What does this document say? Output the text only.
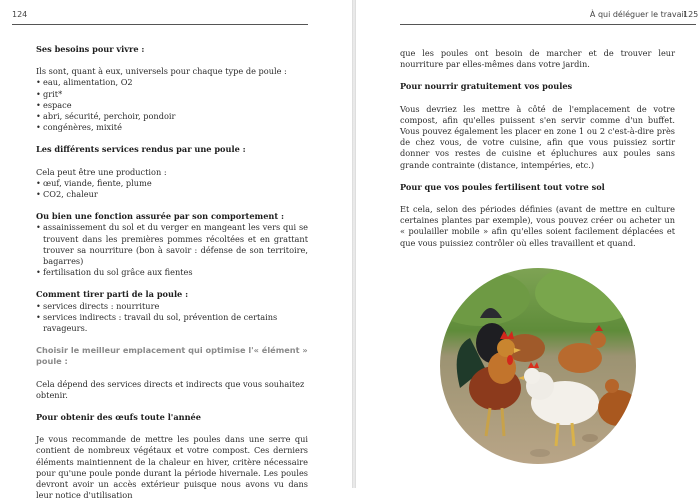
124

Ses besoins pour vivre :

Ils sont, quant à eux, universels pour chaque type de poule :

• eau, alimentation, O2
• grit*
• espace
• abri, sécurité, perchoir, pondoir
• congénères, mixité

Les différents services rendus par une poule :

Cela peut être une production :

• œuf, viande, fiente, plume
• CO2, chaleur

Ou bien une fonction assurée par son comportement :

• assainissement du sol et du verger en mangeant les vers qui se trouvent dans les premières pommes récoltées et en grattant trouver sa nourriture (bon à savoir : défense de son territoire, bagarres)
• fertilisation du sol grâce aux fientes

Comment tirer parti de la poule :

• services directs : nourriture
• services indirects : travail du sol, prévention de certains ravageurs.

Choisir le meilleur emplacement qui optimise l'« élément » poule :

Cela dépend des services directs et indirects que vous souhaitez obtenir.

Pour obtenir des œufs toute l'année

Je vous recommande de mettre les poules dans une serre qui contient de nombreux végétaux et votre compost. Ces derniers éléments maintiennent de la chaleur en hiver, critère nécessaire pour qu'une poule ponde durant la période hivernale. Les poules devront avoir un accès extérieur puisque nous avons vu dans leur notice d'utilisation

À qui déléguer le travail
125

que les poules ont besoin de marcher et de trouver leur nourriture par elles-mêmes dans votre jardin.

Pour nourrir gratuitement vos poules

Vous devriez les mettre à côté de l'emplacement de votre compost, afin qu'elles puissent s'en servir comme d'un buffet. Vous pouvez également les placer en zone 1 ou 2 c'est-à-dire près de chez vous, de votre cuisine, afin que vous puissiez sortir donner vos restes de cuisine et épluchures aux poules sans grande contrainte (distance, intempéries, etc.)

Pour que vos poules fertilisent tout votre sol

Et cela, selon des périodes définies (avant de mettre en culture certaines plantes par exemple), vous pouvez créer ou acheter un « poulailler mobile » afin qu'elles soient facilement déplacées et que vous puissiez contrôler où elles travaillent et quand.
